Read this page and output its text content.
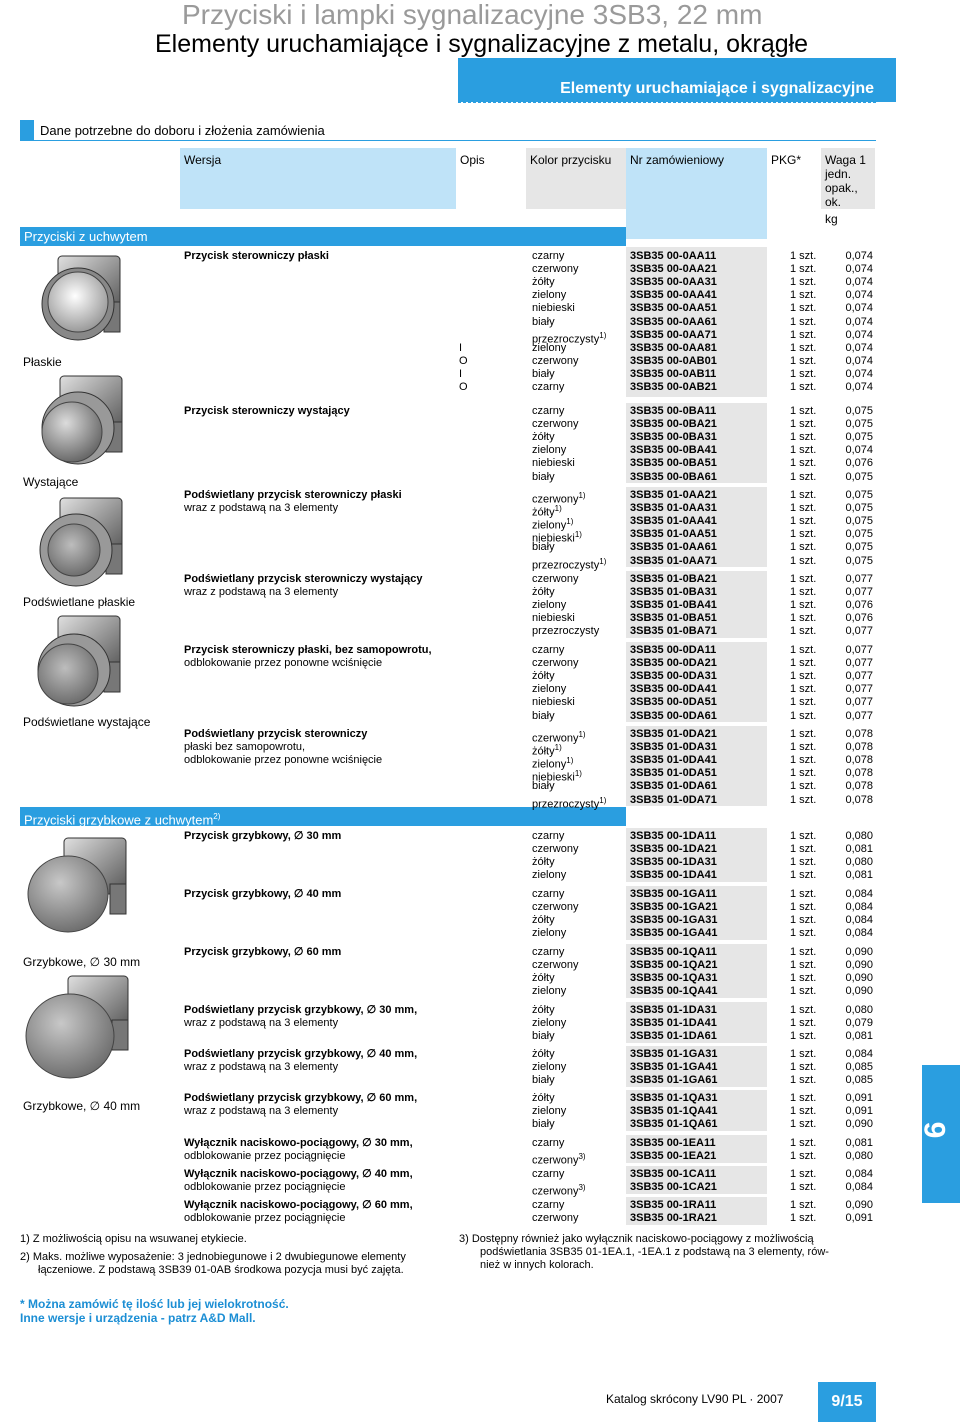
Przyciski i lampki sygnalizacyjne 3SB3, 22 mm
Elementy uruchamiające i sygnalizacyjne z metalu, okrągłe
Elementy uruchamiające i sygnalizacyjne
Dane potrzebne do doboru i złożenia zamówienia
Wersja	Opis	Kolor przycisku	Nr zamówieniowy	PKG*	Waga 1 jedn. opak., ok.
kg
Przyciski z uchwytem
Przyciski grzybkowe z uchwytem$^{2)}$
Płaskie
Wystające
Podświetlane płaskie
Podświetlane wystające
Grzybkowe, ∅ 30 mm
Grzybkowe, ∅ 40 mm
Przycisk sterowniczy płaski	czarny	3SB35 00-0AA11	1 szt.	0,074
czerwony	3SB35 00-0AA21	1 szt.	0,074
żółty	3SB35 00-0AA31	1 szt.	0,074
zielony	3SB35 00-0AA41	1 szt.	0,074
niebieski	3SB35 00-0AA51	1 szt.	0,074
biały	3SB35 00-0AA61	1 szt.	0,074
przezroczysty$^{1)}$ 3SB35 00-0AA71	1 szt.	0,074
I	zielony	3SB35 00-0AA81	1 szt.	0,074
O	czerwony	3SB35 00-0AB01	1 szt.	0,074
I	biały	3SB35 00-0AB11	1 szt.	0,074
O	czarny	3SB35 00-0AB21	1 szt.	0,074
Przycisk sterowniczy wystający	czarny	3SB35 00-0BA11	1 szt.	0,075
czerwony	3SB35 00-0BA21	1 szt.	0,075
żółty	3SB35 00-0BA31	1 szt.	0,075
zielony	3SB35 00-0BA41	1 szt.	0,074
niebieski	3SB35 00-0BA51	1 szt.	0,076
biały	3SB35 00-0BA61	1 szt.	0,075
Podświetlany przycisk sterowniczy płaski	czerwony$^{1)}$	3SB35 01-0AA21	1 szt.	0,075
wraz z podstawą na 3 elementy	żółty$^{1)}$	3SB35 01-0AA31	1 szt.	0,075
zielony$^{1)}$	3SB35 01-0AA41	1 szt.	0,075
niebieski$^{1)}$	3SB35 01-0AA51	1 szt.	0,075
biały	3SB35 01-0AA61	1 szt.	0,075
przezroczysty$^{1)}$ 3SB35 01-0AA71	1 szt.	0,075
Podświetlany przycisk sterowniczy wystający	czerwony	3SB35 01-0BA21	1 szt.	0,077
wraz z podstawą na 3 elementy	żółty	3SB35 01-0BA31	1 szt.	0,077
zielony	3SB35 01-0BA41	1 szt.	0,076
niebieski	3SB35 01-0BA51	1 szt.	0,076
przezroczysty	3SB35 01-0BA71	1 szt.	0,077
Przycisk sterowniczy płaski, bez samopowrotu,	czarny	3SB35 00-0DA11	1 szt.	0,077
odblokowanie przez ponowne wciśnięcie	czerwony	3SB35 00-0DA21	1 szt.	0,077
żółty	3SB35 00-0DA31	1 szt.	0,077
zielony	3SB35 00-0DA41	1 szt.	0,077
niebieski	3SB35 00-0DA51	1 szt.	0,077
biały	3SB35 00-0DA61	1 szt.	0,077
Podświetlany przycisk sterowniczy	czerwony$^{1)}$	3SB35 01-0DA21	1 szt.	0,078
płaski bez samopowrotu,	żółty$^{1)}$	3SB35 01-0DA31	1 szt.	0,078
odblokowanie przez ponowne wciśnięcie	zielony$^{1)}$	3SB35 01-0DA41	1 szt.	0,078
niebieski$^{1)}$	3SB35 01-0DA51	1 szt.	0,078
biały	3SB35 01-0DA61	1 szt.	0,078
przezroczysty$^{1)}$ 3SB35 01-0DA71	1 szt.	0,078
Przycisk grzybkowy, ∅ 30 mm	czarny	3SB35 00-1DA11	1 szt.	0,080
czerwony	3SB35 00-1DA21	1 szt.	0,081
żółty	3SB35 00-1DA31	1 szt.	0,080
zielony	3SB35 00-1DA41	1 szt.	0,081
Przycisk grzybkowy, ∅ 40 mm	czarny	3SB35 00-1GA11	1 szt.	0,084
czerwony	3SB35 00-1GA21	1 szt.	0,084
żółty	3SB35 00-1GA31	1 szt.	0,084
zielony	3SB35 00-1GA41	1 szt.	0,084
Przycisk grzybkowy, ∅ 60 mm	czarny	3SB35 00-1QA11	1 szt.	0,090
czerwony	3SB35 00-1QA21	1 szt.	0,090
żółty	3SB35 00-1QA31	1 szt.	0,090
zielony	3SB35 00-1QA41	1 szt.	0,090
Podświetlany przycisk grzybkowy, ∅ 30 mm,	żółty	3SB35 01-1DA31	1 szt.	0,080
wraz z podstawą na 3 elementy	zielony	3SB35 01-1DA41	1 szt.	0,079
biały	3SB35 01-1DA61	1 szt.	0,081
Podświetlany przycisk grzybkowy, ∅ 40 mm,	żółty	3SB35 01-1GA31	1 szt.	0,084
wraz z podstawą na 3 elementy	zielony	3SB35 01-1GA41	1 szt.	0,085
biały	3SB35 01-1GA61	1 szt.	0,085
Podświetlany przycisk grzybkowy, ∅ 60 mm,	żółty	3SB35 01-1QA31	1 szt.	0,091
wraz z podstawą na 3 elementy	zielony	3SB35 01-1QA41	1 szt.	0,091
biały	3SB35 01-1QA61	1 szt.	0,090
Wyłącznik naciskowo-pociągowy, ∅ 30 mm,	czarny	3SB35 00-1EA11	1 szt.	0,081
odblokowanie przez pociągnięcie	czerwony$^{3)}$	3SB35 00-1EA21	1 szt.	0,080
Wyłącznik naciskowo-pociągowy, ∅ 40 mm,	czarny	3SB35 00-1CA11	1 szt.	0,084
odblokowanie przez pociągnięcie	czerwony$^{3)}$	3SB35 00-1CA21	1 szt.	0,084
Wyłącznik naciskowo-pociągowy, ∅ 60 mm,	czarny	3SB35 00-1RA11	1 szt.	0,090
odblokowanie przez pociągnięcie	czerwony	3SB35 00-1RA21	1 szt.	0,091
1) Z możliwością opisu na wsuwanej etykiecie.
2) Maks. możliwe wyposażenie: 3 jednobiegunowe i 2 dwubiegunowe elementy
łączeniowe. Z podstawą 3SB39 01-0AB środkowa pozycja musi być zajęta.
3) Dostępny również jako wyłącznik naciskowo-pociągowy z możliwością
podświetlania 3SB35 01-1EA.1, -1EA.1 z podstawą na 3 elementy, rów-
nież w innych kolorach.
* Można zamówić tę ilość lub jej wielokrotność.
Inne wersje i urządzenia - patrz A&D Mall.
9
Katalog skrócony LV90 PL · 2007	9/15
